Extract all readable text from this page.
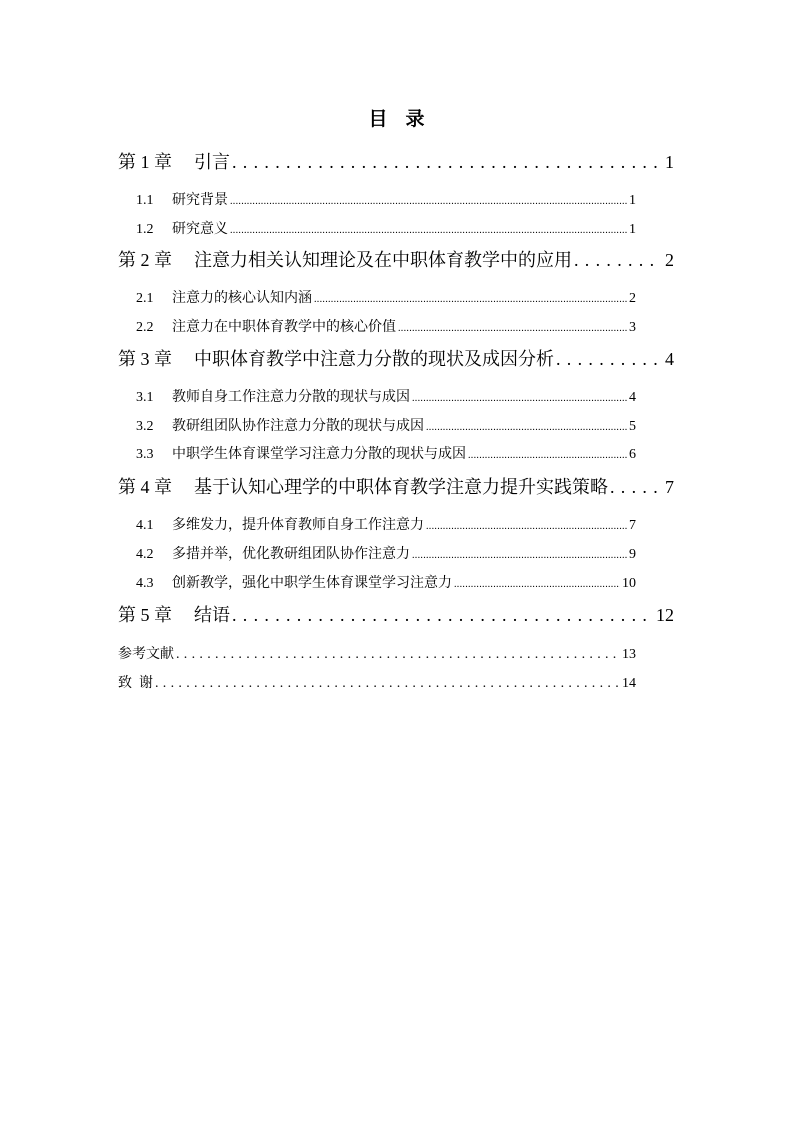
目 录
第 1 章 引言 . . .	1
1.1 研究背景 .....	1
1.2 研究意义 .....	1
第 2 章 注意力相关认知理论及在中职体育教学中的应用 . . .	2
2.1 注意力的核心认知内涵 .....	2
2.2 注意力在中职体育教学中的核心价值 .....	3
第 3 章 中职体育教学中注意力分散的现状及成因分析 . . .	4
3.1 教师自身工作注意力分散的现状与成因 .....	4
3.2 教研组团队协作注意力分散的现状与成因 .....	5
3.3 中职学生体育课堂学习注意力分散的现状与成因 .....	6
第 4 章 基于认知心理学的中职体育教学注意力提升实践策略 . . .	7
4.1 多维发力，提升体育教师自身工作注意力 .....	7
4.2 多措并举，优化教研组团队协作注意力 .....	9
4.3 创新教学，强化中职学生体育课堂学习注意力 .....	10
第 5 章 结语 . . .	12
参考文献 . . .	13
致  谢 . . .	14
